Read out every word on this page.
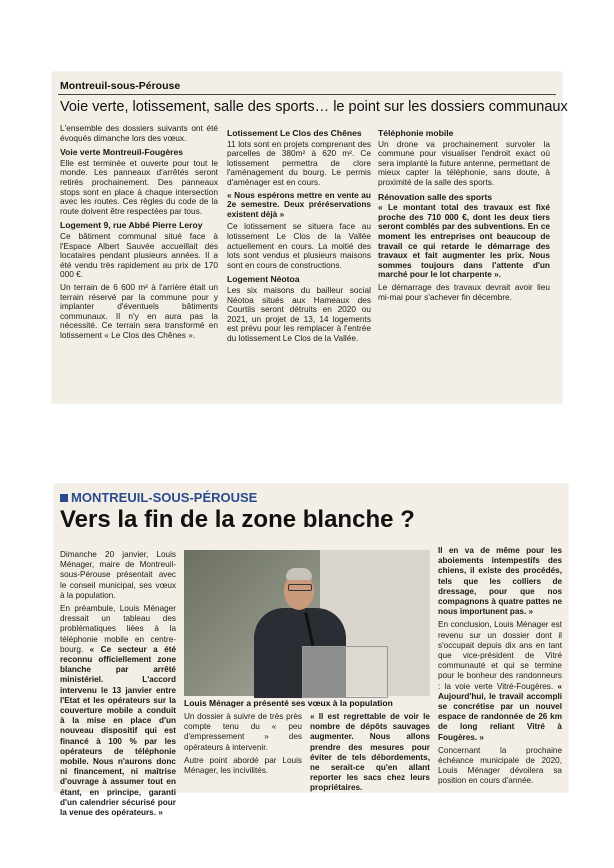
Montreuil-sous-Pérouse
Voie verte, lotissement, salle des sports… le point sur les dossiers communaux

L'ensemble des dossiers suivants ont été évoqués dimanche lors des vœux.

Voie verte Montreuil-Fougères

Elle est terminée et ouverte pour tout le monde. Les panneaux d'arrêtés seront retirés prochainement. Des panneaux stops sont en place à chaque intersection avec les routes. Ces règles du code de la route doivent être respectées par tous.

Logement 9, rue Abbé Pierre Leroy

Ce bâtiment communal situé face à l'Espace Albert Sauvée accueillait des locataires pendant plusieurs années. Il a été vendu très rapidement au prix de 170 000 €.

Un terrain de 6 600 m² à l'arrière était un terrain réservé par la commune pour y implanter d'éventuels bâtiments communaux. Il n'y en aura pas la nécessité. Ce terrain sera transformé en lotissement « Le Clos des Chênes ».

Lotissement Le Clos des Chênes

11 lots sont en projets comprenant des parcelles de 380m² à 620 m². Ce lotissement permettra de clore l'aménagement du bourg. Le permis d'aménager est en cours.

« Nous espérons mettre en vente au 2e semestre. Deux préréservations existent déjà »

Ce lotissement se situera face au lotissement Le Clos de la Vallée actuellement en cours. La moitié des lots sont vendus et plusieurs maisons sont en cours de constructions.

Logement Néotoa

Les six maisons du bailleur social Néotoa situés aux Hameaux des Courtils seront détruits en 2020 ou 2021, un projet de 13, 14 logements est prévu pour les remplacer à l'entrée du lotissement Le Clos de la Vallée.

Téléphonie mobile

Un drone va prochainement survoler la commune pour visualiser l'endroit exact où sera implanté la future antenne, permettant de mieux capter la téléphonie, sans doute, à proximité de la salle des sports.

Rénovation salle des sports

« Le montant total des travaux est fixé proche des 710 000 €, dont les deux tiers seront comblés par des subventions. En ce moment les entreprises ont beaucoup de travail ce qui retarde le démarrage des travaux et fait augmenter les prix. Nous sommes toujours dans l'attente d'un marché pour le lot charpente ».

Le démarrage des travaux devrait avoir lieu mi-mai pour s'achever fin décembre.

MONTREUIL-SOUS-PÉROUSE
Vers la fin de la zone blanche ?

Dimanche 20 janvier, Louis Ménager, maire de Montreuil-sous-Pérouse présentait avec le conseil municipal, ses vœux à la population.

En préambule, Louis Ménager dressait un tableau des problématiques liées à la téléphonie mobile en centre-bourg. « Ce secteur a été reconnu officiellement zone blanche par arrêté ministériel. L'accord intervenu le 13 janvier entre l'Etat et les opérateurs sur la couverture mobile a conduit à la mise en place d'un nouveau dispositif qui est financé à 100 % par les opérateurs de téléphonie mobile. Nous n'aurons donc ni financement, ni maîtrise d'ouvrage à assumer tout en étant, en principe, garanti d'un calendrier sécurisé pour la venue des opérateurs. »

Louis Ménager a présenté ses vœux à la population

Un dossier à suivre de très près compte tenu du « peu d'empressement » des opérateurs à intervenir.

Autre point abordé par Louis Ménager, les incivilités.

« Il est regrettable de voir le nombre de dépôts sauvages augmenter. Nous allons prendre des mesures pour éviter de tels débordements, ne serait-ce qu'en allant reporter les sacs chez leurs propriétaires.

Il en va de même pour les aboiements intempestifs des chiens, il existe des procédés, tels que les colliers de dressage, pour que nos compagnons à quatre pattes ne nous importunent pas. »

En conclusion, Louis Ménager est revenu sur un dossier dont il s'occupait depuis dix ans en tant que vice-président de Vitré communauté et qui se termine pour le bonheur des randonneurs : la voie verte Vitré-Fougères. « Aujourd'hui, le travail accompli se concrétise par un nouvel espace de randonnée de 26 km de long reliant Vitré à Fougères. »

Concernant la prochaine échéance municipale de 2020, Louis Ménager dévoilera sa position en cours d'année.
